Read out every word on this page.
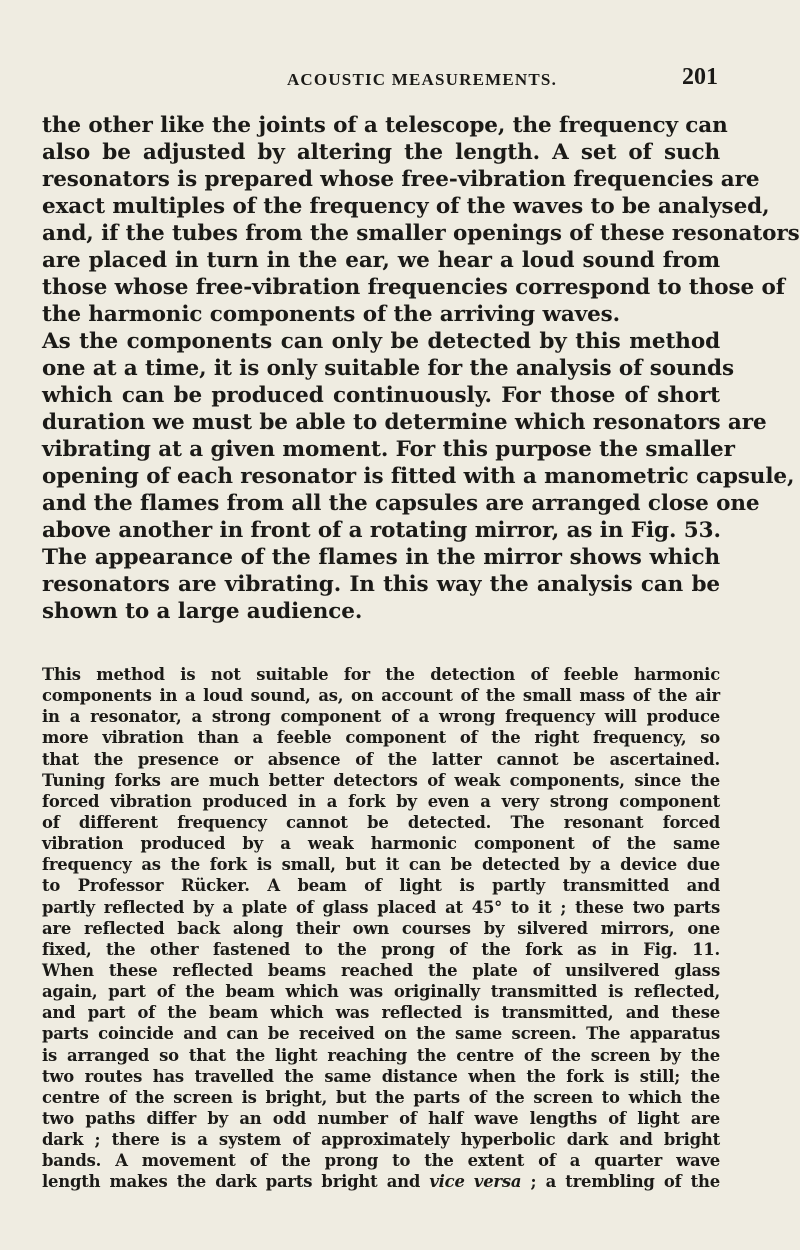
ACOUSTIC MEASUREMENTS.	201
the other like the joints of a telescope, the frequency can
also be adjusted by altering the length. A set of such
resonators is prepared whose free-vibration frequencies are
exact multiples of the frequency of the waves to be analysed,
and, if the tubes from the smaller openings of these resonators
are placed in turn in the ear, we hear a loud sound from
those whose free-vibration frequencies correspond to those of
the harmonic components of the arriving waves.
As the components can only be detected by this method
one at a time, it is only suitable for the analysis of sounds
which can be produced continuously. For those of short
duration we must be able to determine which resonators are
vibrating at a given moment. For this purpose the smaller
opening of each resonator is fitted with a manometric capsule,
and the flames from all the capsules are arranged close one
above another in front of a rotating mirror, as in Fig. 53.
The appearance of the flames in the mirror shows which
resonators are vibrating. In this way the analysis can be
shown to a large audience.
This method is not suitable for the detection of feeble harmonic
components in a loud sound, as, on account of the small mass of the air
in a resonator, a strong component of a wrong frequency will produce
more vibration than a feeble component of the right frequency, so
that the presence or absence of the latter cannot be ascertained.
Tuning forks are much better detectors of weak components, since the
forced vibration produced in a fork by even a very strong component
of different frequency cannot be detected. The resonant forced
vibration produced by a weak harmonic component of the same
frequency as the fork is small, but it can be detected by a device due
to Professor Rücker. A beam of light is partly transmitted and
partly reflected by a plate of glass placed at 45° to it ; these two parts
are reflected back along their own courses by silvered mirrors, one
fixed, the other fastened to the prong of the fork as in Fig. 11.
When these reflected beams reached the plate of unsilvered glass
again, part of the beam which was originally transmitted is reflected,
and part of the beam which was reflected is transmitted, and these
parts coincide and can be received on the same screen. The apparatus
is arranged so that the light reaching the centre of the screen by the
two routes has travelled the same distance when the fork is still; the
centre of the screen is bright, but the parts of the screen to which the
two paths differ by an odd number of half wave lengths of light are
dark ; there is a system of approximately hyperbolic dark and bright
bands. A movement of the prong to the extent of a quarter wave
length makes the dark parts bright and vice versa ; a trembling of the
